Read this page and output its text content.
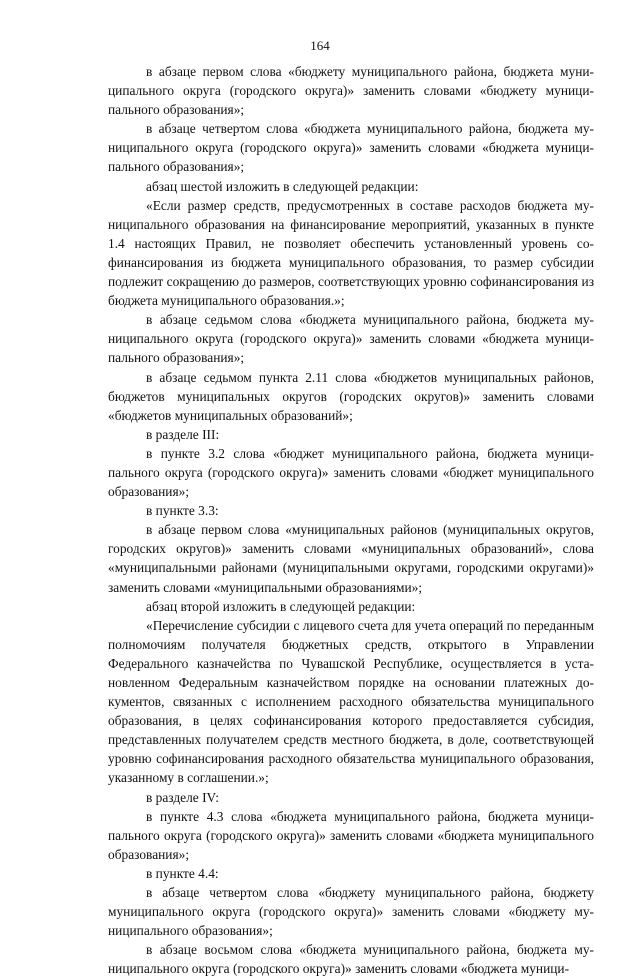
164

в абзаце первом слова «бюджету муниципального района, бюджета муниципального округа (городского округа)» заменить словами «бюджету муниципального образования»;

в абзаце четвертом слова «бюджета муниципального района, бюджета муниципального округа (городского округа)» заменить словами «бюджета муниципального образования»;

абзац шестой изложить в следующей редакции:

«Если размер средств, предусмотренных в составе расходов бюджета муниципального образования на финансирование мероприятий, указанных в пункте 1.4 настоящих Правил, не позволяет обеспечить установленный уровень софинансирования из бюджета муниципального образования, то размер субсидии подлежит сокращению до размеров, соответствующих уровню софинансирования из бюджета муниципального образования.»;

в абзаце седьмом слова «бюджета муниципального района, бюджета муниципального округа (городского округа)» заменить словами «бюджета муниципального образования»;

в абзаце седьмом пункта 2.11 слова «бюджетов муниципальных районов, бюджетов муниципальных округов (городских округов)» заменить словами «бюджетов муниципальных образований»;

в разделе III:

в пункте 3.2 слова «бюджет муниципального района, бюджета муниципального округа (городского округа)» заменить словами «бюджет муниципального образования»;

в пункте 3.3:

в абзаце первом слова «муниципальных районов (муниципальных округов, городских округов)» заменить словами «муниципальных образований», слова «муниципальными районами (муниципальными округами, городскими округами)» заменить словами «муниципальными образованиями»;

абзац второй изложить в следующей редакции:

«Перечисление субсидии с лицевого счета для учета операций по переданным полномочиям получателя бюджетных средств, открытого в Управлении Федерального казначейства по Чувашской Республике, осуществляется в установленном Федеральным казначейством порядке на основании платежных документов, связанных с исполнением расходного обязательства муниципального образования, в целях софинансирования которого предоставляется субсидия, представленных получателем средств местного бюджета, в доле, соответствующей уровню софинансирования расходного обязательства муниципального образования, указанному в соглашении.»;

в разделе IV:

в пункте 4.3 слова «бюджета муниципального района, бюджета муниципального округа (городского округа)» заменить словами «бюджета муниципального образования»;

в пункте 4.4:

в абзаце четвертом слова «бюджету муниципального района, бюджету муниципального округа (городского округа)» заменить словами «бюджету муниципального образования»;

в абзаце восьмом слова «бюджета муниципального района, бюджета муниципального округа (городского округа)» заменить словами «бюджета муници-
